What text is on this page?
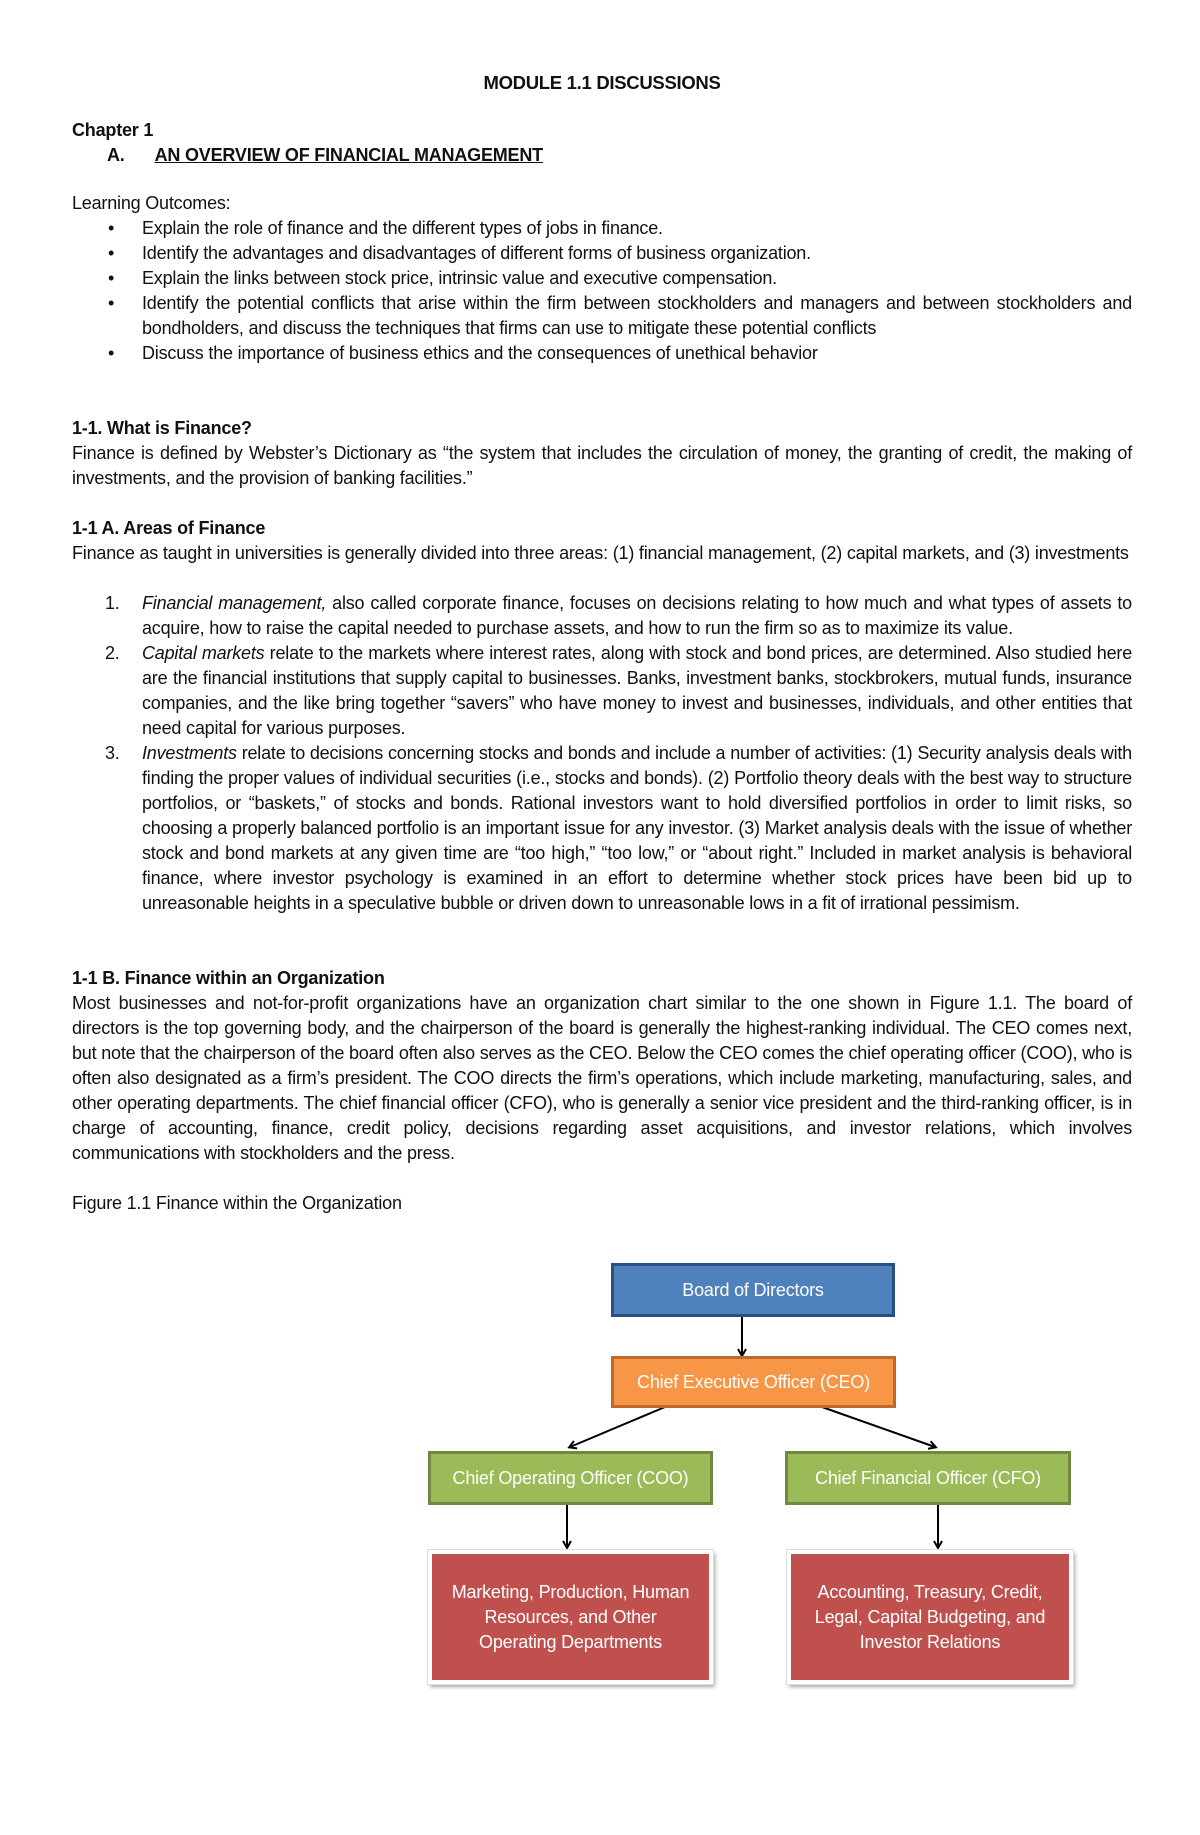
MODULE 1.1 DISCUSSIONS

Chapter 1

A. AN OVERVIEW OF FINANCIAL MANAGEMENT

Learning Outcomes:

• Explain the role of finance and the different types of jobs in finance.
• Identify the advantages and disadvantages of different forms of business organization.
• Explain the links between stock price, intrinsic value and executive compensation.
• Identify the potential conflicts that arise within the firm between stockholders and managers and between stockholders and bondholders, and discuss the techniques that firms can use to mitigate these potential conflicts
• Discuss the importance of business ethics and the consequences of unethical behavior

1-1. What is Finance?

Finance is defined by Webster’s Dictionary as “the system that includes the circulation of money, the granting of credit, the making of investments, and the provision of banking facilities.”

1-1 A. Areas of Finance

Finance as taught in universities is generally divided into three areas: (1) financial management, (2) capital markets, and (3) investments

1. Financial management, also called corporate finance, focuses on decisions relating to how much and what types of assets to acquire, how to raise the capital needed to purchase assets, and how to run the firm so as to maximize its value.
2. Capital markets relate to the markets where interest rates, along with stock and bond prices, are determined. Also studied here are the financial institutions that supply capital to businesses. Banks, investment banks, stockbrokers, mutual funds, insurance companies, and the like bring together “savers” who have money to invest and businesses, individuals, and other entities that need capital for various purposes.
3. Investments relate to decisions concerning stocks and bonds and include a number of activities: (1) Security analysis deals with finding the proper values of individual securities (i.e., stocks and bonds). (2) Portfolio theory deals with the best way to structure portfolios, or “baskets,” of stocks and bonds. Rational investors want to hold diversified portfolios in order to limit risks, so choosing a properly balanced portfolio is an important issue for any investor. (3) Market analysis deals with the issue of whether stock and bond markets at any given time are “too high,” “too low,” or “about right.” Included in market analysis is behavioral finance, where investor psychology is examined in an effort to determine whether stock prices have been bid up to unreasonable heights in a speculative bubble or driven down to unreasonable lows in a fit of irrational pessimism.

1-1 B. Finance within an Organization

Most businesses and not-for-profit organizations have an organization chart similar to the one shown in Figure 1.1. The board of directors is the top governing body, and the chairperson of the board is generally the highest-ranking individual. The CEO comes next, but note that the chairperson of the board often also serves as the CEO. Below the CEO comes the chief operating officer (COO), who is often also designated as a firm’s president. The COO directs the firm’s operations, which include marketing, manufacturing, sales, and other operating departments. The chief financial officer (CFO), who is generally a senior vice president and the third-ranking officer, is in charge of accounting, finance, credit policy, decisions regarding asset acquisitions, and investor relations, which involves communications with stockholders and the press.

Figure 1.1 Finance within the Organization

Board of Directors
Chief Executive Officer (CEO)
Chief Operating Officer (COO)	Chief Financial Officer (CFO)
Marketing, Production, Human Resources, and Other Operating Departments
Accounting, Treasury, Credit, Legal, Capital Budgeting, and Investor Relations
